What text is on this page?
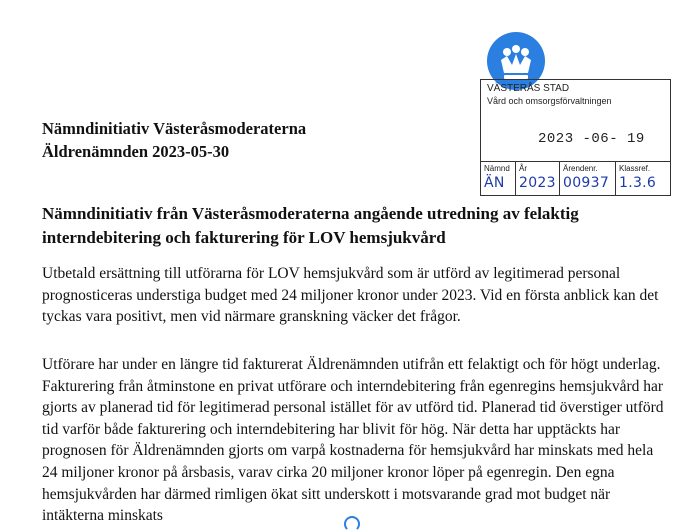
VÄSTERÅS STAD
Vård och omsorgsförvaltningen
2023 -06- 19
Nämnd
ÄN
År
2023
Ärendenr.
00937
Klassref.
1.3.6
Nämndinitiativ Västeråsmoderaterna
Äldrenämnden 2023-05-30
Nämndinitiativ från Västeråsmoderaterna angående utredning av felaktig interndebitering och fakturering för LOV hemsjukvård
Utbetald ersättning till utförarna för LOV hemsjukvård som är utförd av legitimerad personal prognosticeras understiga budget med 24 miljoner kronor under 2023. Vid en första anblick kan det tyckas vara positivt, men vid närmare granskning väcker det frågor.
Utförare har under en längre tid fakturerat Äldrenämnden utifrån ett felaktigt och för högt underlag. Fakturering från åtminstone en privat utförare och interndebitering från egenregins hemsjukvård har gjorts av planerad tid för legitimerad personal istället för av utförd tid. Planerad tid överstiger utförd tid varför både fakturering och interndebitering har blivit för hög. När detta har upptäckts har prognosen för Äldrenämnden gjorts om varpå kostnaderna för hemsjukvård har minskats med hela 24 miljoner kronor på årsbasis, varav cirka 20 miljoner kronor löper på egenregin. Den egna hemsjukvården har därmed rimligen ökat sitt underskott i motsvarande grad mot budget när intäkterna minskats
